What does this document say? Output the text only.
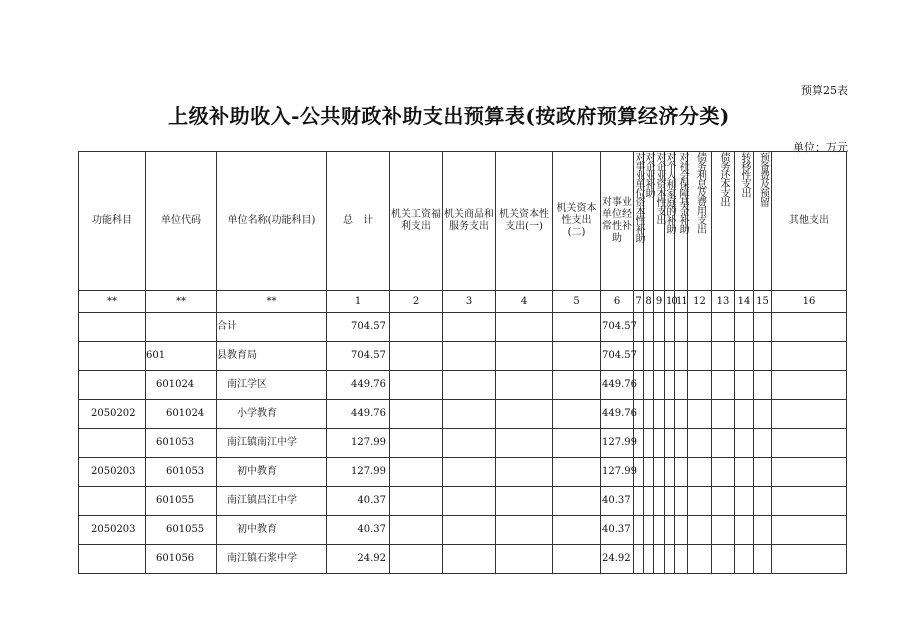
预算25表
上级补助收入-公共财政补助支出预算表(按政府预算经济分类)
单位：万元
功能科目	单位代码	单位名称(功能科目)	总　计	机关工资福利支出	机关商品和服务支出	机关资本性支出(一)	机关资本性支出(二)	对事业单位经常性补助	对事业单位资本性补助	对企业补助	对企业资本性支出	对个人和家庭的补助	对社会保障基金补助	债务利息及费用支出	债务还本支出	转移性支出	预备费及预留	其他支出
**	**	**	1	2	3	4	5	6	7	8	9	10	11	12	13	14	15	16
		合计	704.57					704.57										
	601	县教育局	704.57					704.57										
	601024	南江学区	449.76					449.76										
2050202	601024	小学教育	449.76					449.76										
	601053	南江镇南江中学	127.99					127.99										
2050203	601053	初中教育	127.99					127.99										
	601055	南江镇昌江中学	40.37					40.37										
2050203	601055	初中教育	40.37					40.37										
	601056	南江镇石浆中学	24.92					24.92										
